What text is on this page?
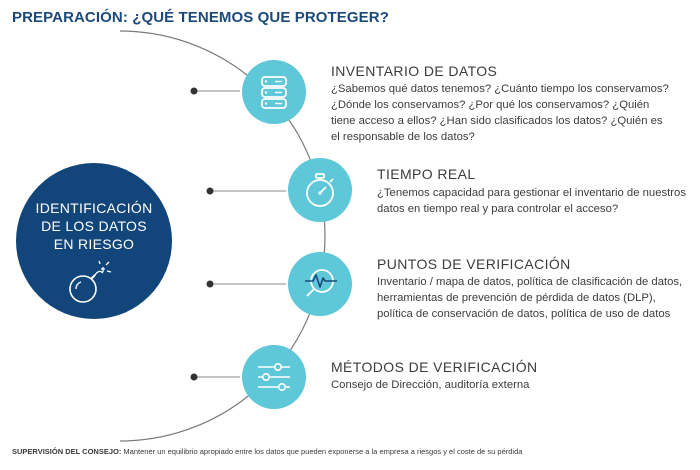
PREPARACIÓN: ¿QUÉ TENEMOS QUE PROTEGER?
IDENTIFICACIÓN
DE LOS DATOS
EN RIESGO
INVENTARIO DE DATOS
¿Sabemos qué datos tenemos? ¿Cuánto tiempo los conservamos? ¿Dónde los conservamos? ¿Por qué los conservamos? ¿Quién tiene acceso a ellos? ¿Han sido clasificados los datos? ¿Quién es el responsable de los datos?
TIEMPO REAL
¿Tenemos capacidad para gestionar el inventario de nuestros datos en tiempo real y para controlar el acceso?
PUNTOS DE VERIFICACIÓN
Inventario / mapa de datos, política de clasificación de datos, herramientas de prevención de pérdida de datos (DLP), política de conservación de datos, política de uso de datos
MÉTODOS DE VERIFICACIÓN
Consejo de Dirección, auditoría externa
SUPERVISIÓN DEL CONSEJO: Mantener un equilibrio apropiado entre los datos que pueden exponerse a la empresa a riesgos y el coste de su pérdida
